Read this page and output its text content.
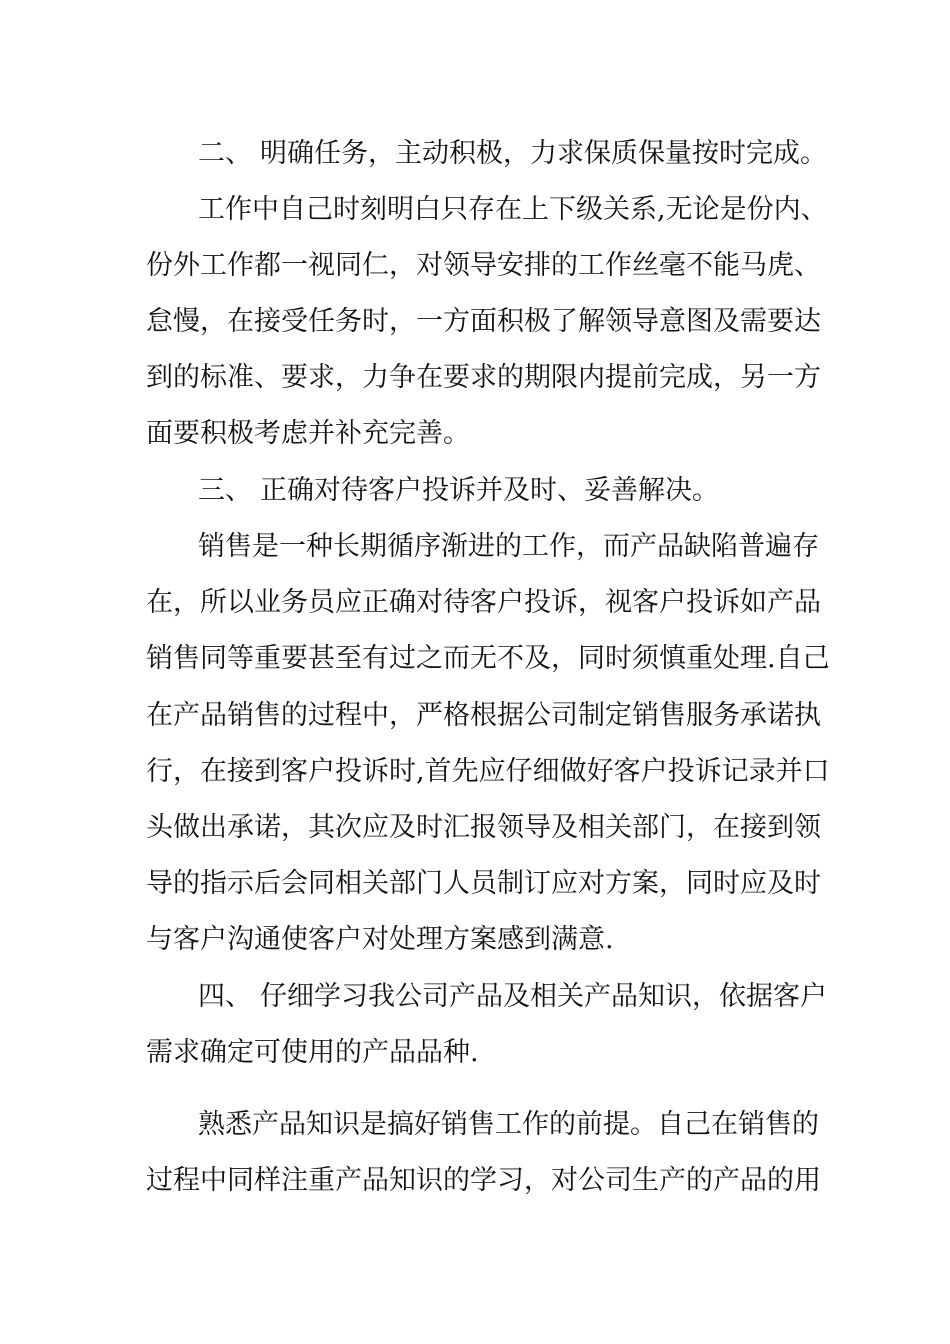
二、 明确任务，主动积极，力求保质保量按时完成。
工作中自己时刻明白只存在上下级关系,无论是份内、
份外工作都一视同仁，对领导安排的工作丝毫不能马虎、
怠慢，在接受任务时，一方面积极了解领导意图及需要达
到的标准、要求，力争在要求的期限内提前完成，另一方
面要积极考虑并补充完善。
三、 正确对待客户投诉并及时、妥善解决。
销售是一种长期循序渐进的工作，而产品缺陷普遍存
在，所以业务员应正确对待客户投诉，视客户投诉如产品
销售同等重要甚至有过之而无不及，同时须慎重处理.自己
在产品销售的过程中，严格根据公司制定销售服务承诺执
行，在接到客户投诉时,首先应仔细做好客户投诉记录并口
头做出承诺，其次应及时汇报领导及相关部门，在接到领
导的指示后会同相关部门人员制订应对方案，同时应及时
与客户沟通使客户对处理方案感到满意.
四、 仔细学习我公司产品及相关产品知识，依据客户
需求确定可使用的产品品种.
熟悉产品知识是搞好销售工作的前提。自己在销售的
过程中同样注重产品知识的学习，对公司生产的产品的用
